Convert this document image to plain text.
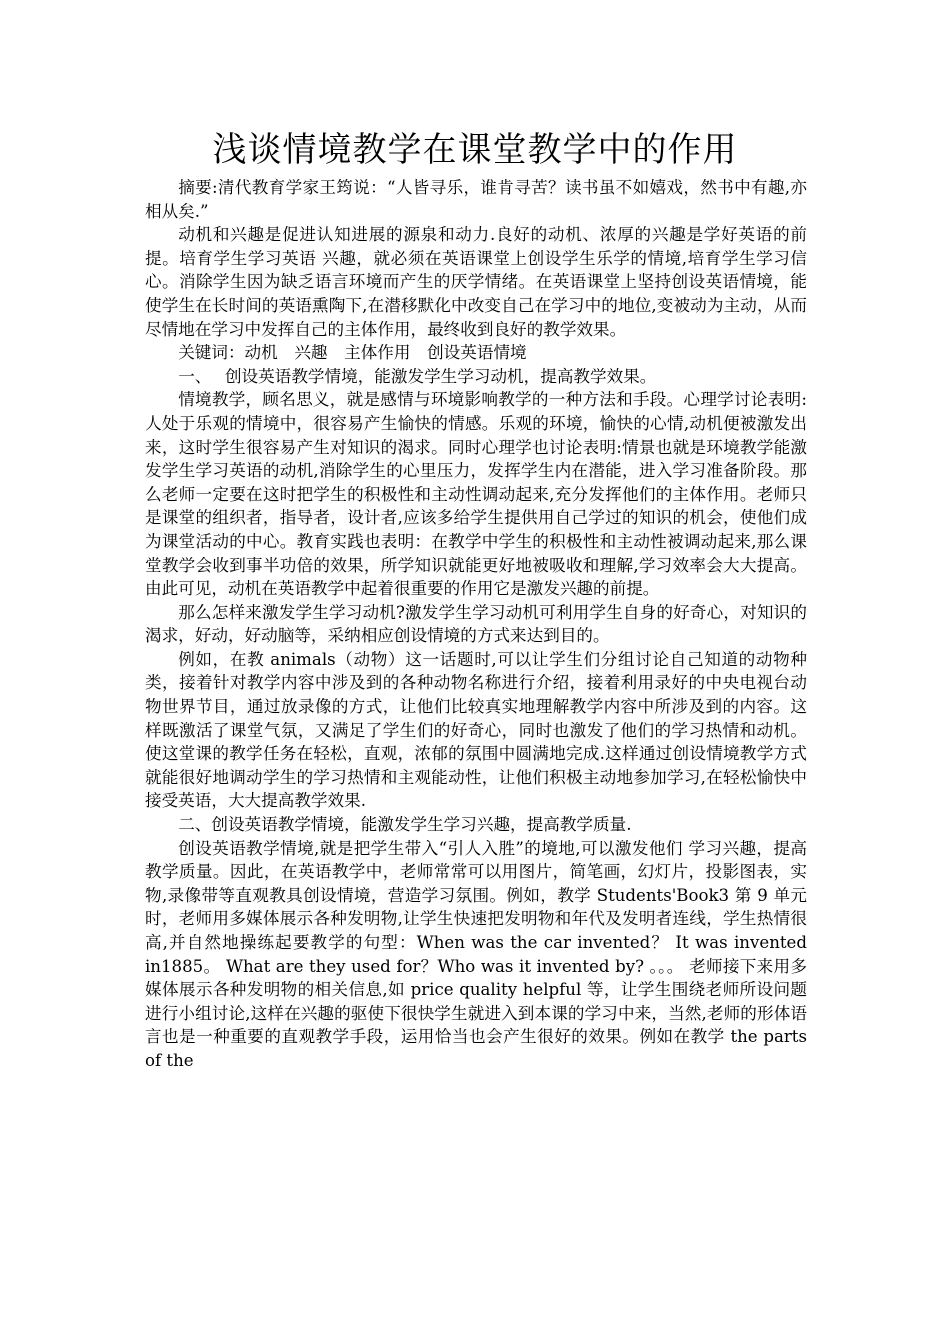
浅谈情境教学在课堂教学中的作用

摘要:清代教育学家王筠说：“人皆寻乐，谁肯寻苦？读书虽不如嬉戏，然书中有趣,亦相从矣.”

动机和兴趣是促进认知进展的源泉和动力.良好的动机、浓厚的兴趣是学好英语的前提。培育学生学习英语 兴趣，就必须在英语课堂上创设学生乐学的情境,培育学生学习信心。消除学生因为缺乏语言环境而产生的厌学情绪。在英语课堂上坚持创设英语情境，能使学生在长时间的英语熏陶下,在潜移默化中改变自己在学习中的地位,变被动为主动，从而尽情地在学习中发挥自己的主体作用，最终收到良好的教学效果。

关键词：动机　兴趣　主体作用　创设英语情境

一、　 创设英语教学情境，能激发学生学习动机，提高教学效果。

情境教学，顾名思义，就是感情与环境影响教学的一种方法和手段。心理学讨论表明:人处于乐观的情境中，很容易产生愉快的情感。乐观的环境，愉快的心情,动机便被激发出来，这时学生很容易产生对知识的渴求。同时心理学也讨论表明:情景也就是环境教学能激发学生学习英语的动机,消除学生的心里压力，发挥学生内在潜能，进入学习准备阶段。那么老师一定要在这时把学生的积极性和主动性调动起来,充分发挥他们的主体作用。老师只是课堂的组织者，指导者，设计者,应该多给学生提供用自己学过的知识的机会，使他们成为课堂活动的中心。教育实践也表明：在教学中学生的积极性和主动性被调动起来,那么课堂教学会收到事半功倍的效果，所学知识就能更好地被吸收和理解,学习效率会大大提高。由此可见，动机在英语教学中起着很重要的作用它是激发兴趣的前提。

那么怎样来激发学生学习动机?激发学生学习动机可利用学生自身的好奇心，对知识的渴求，好动，好动脑等，采纳相应创设情境的方式来达到目的。

例如，在教 animals（动物）这一话题时,可以让学生们分组讨论自己知道的动物种类，接着针对教学内容中涉及到的各种动物名称进行介绍，接着利用录好的中央电视台动物世界节目，通过放录像的方式，让他们比较真实地理解教学内容中所涉及到的内容。这样既激活了课堂气氛，又满足了学生们的好奇心，同时也激发了他们的学习热情和动机。使这堂课的教学任务在轻松，直观，浓郁的氛围中圆满地完成.这样通过创设情境教学方式就能很好地调动学生的学习热情和主观能动性，让他们积极主动地参加学习,在轻松愉快中接受英语，大大提高教学效果.

二、创设英语教学情境，能激发学生学习兴趣，提高教学质量.

创设英语教学情境,就是把学生带入“引人入胜”的境地,可以激发他们 学习兴趣，提高教学质量。因此，在英语教学中，老师常常可以用图片，简笔画，幻灯片，投影图表，实物,录像带等直观教具创设情境，营造学习氛围。例如，教学 Students'Book3 第 9 单元时，老师用多媒体展示各种发明物,让学生快速把发明物和年代及发明者连线，学生热情很高,并自然地操练起要教学的句型：When was the car invented？ It was invented in1885。 What are they used for？Who was it invented by? 。。。 老师接下来用多媒体展示各种发明物的相关信息,如 price quality helpful 等，让学生围绕老师所设问题进行小组讨论,这样在兴趣的驱使下很快学生就进入到本课的学习中来，当然,老师的形体语言也是一种重要的直观教学手段，运用恰当也会产生很好的效果。例如在教学 the parts of the
